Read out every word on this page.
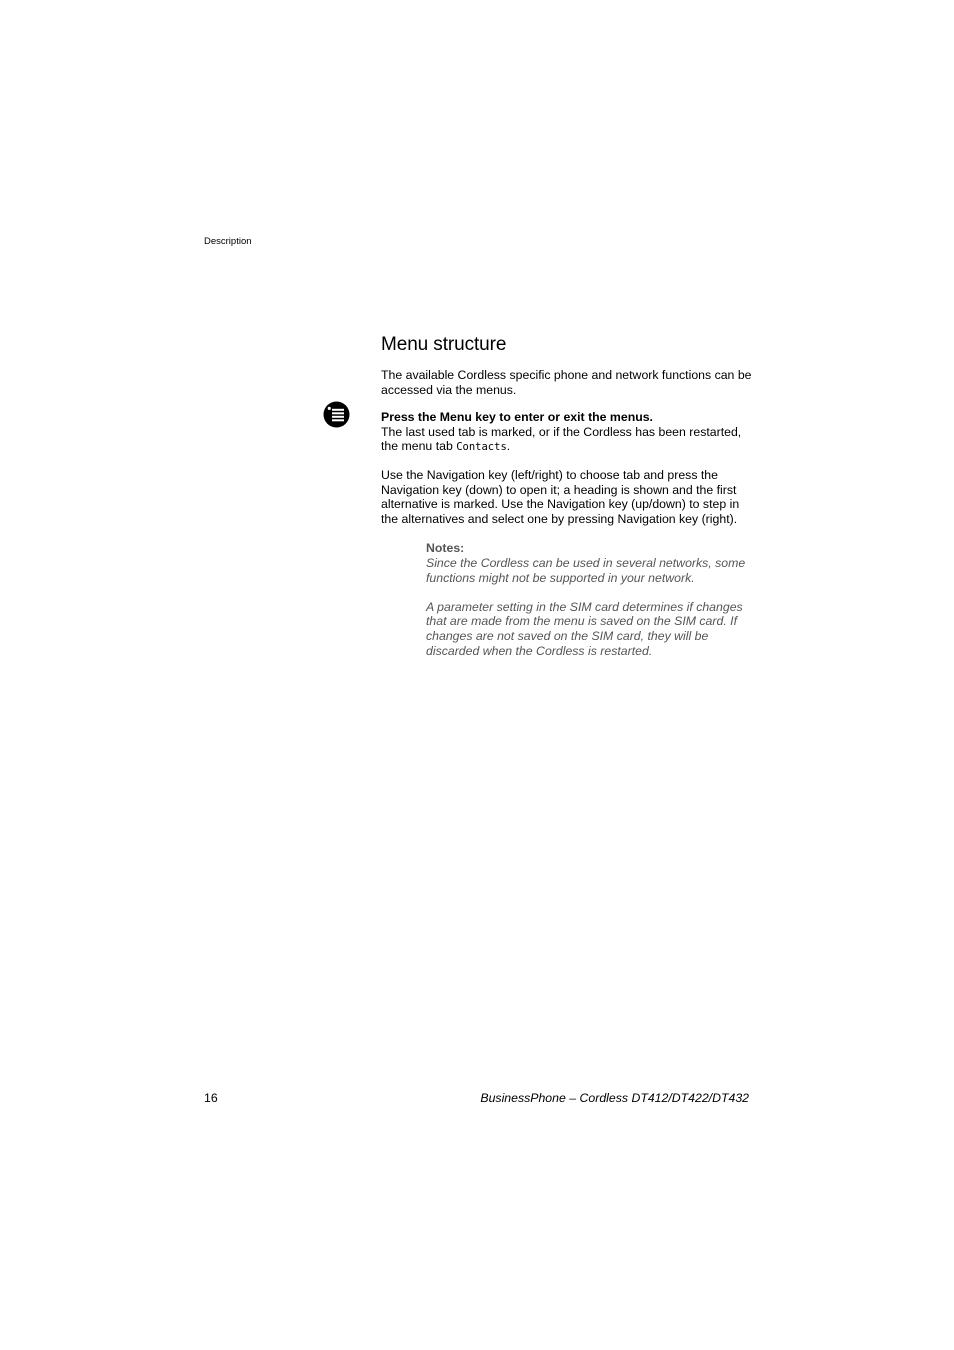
Description
Menu structure

The available Cordless specific phone and network functions can be accessed via the menus.

Press the Menu key to enter or exit the menus.

The last used tab is marked, or if the Cordless has been restarted, the menu tab Contacts.

Use the Navigation key (left/right) to choose tab and press the Navigation key (down) to open it; a heading is shown and the first alternative is marked. Use the Navigation key (up/down) to step in the alternatives and select one by pressing Navigation key (right).

Notes:

Since the Cordless can be used in several networks, some functions might not be supported in your network.

A parameter setting in the SIM card determines if changes that are made from the menu is saved on the SIM card. If changes are not saved on the SIM card, they will be discarded when the Cordless is restarted.

16	BusinessPhone – Cordless DT412/DT422/DT432
